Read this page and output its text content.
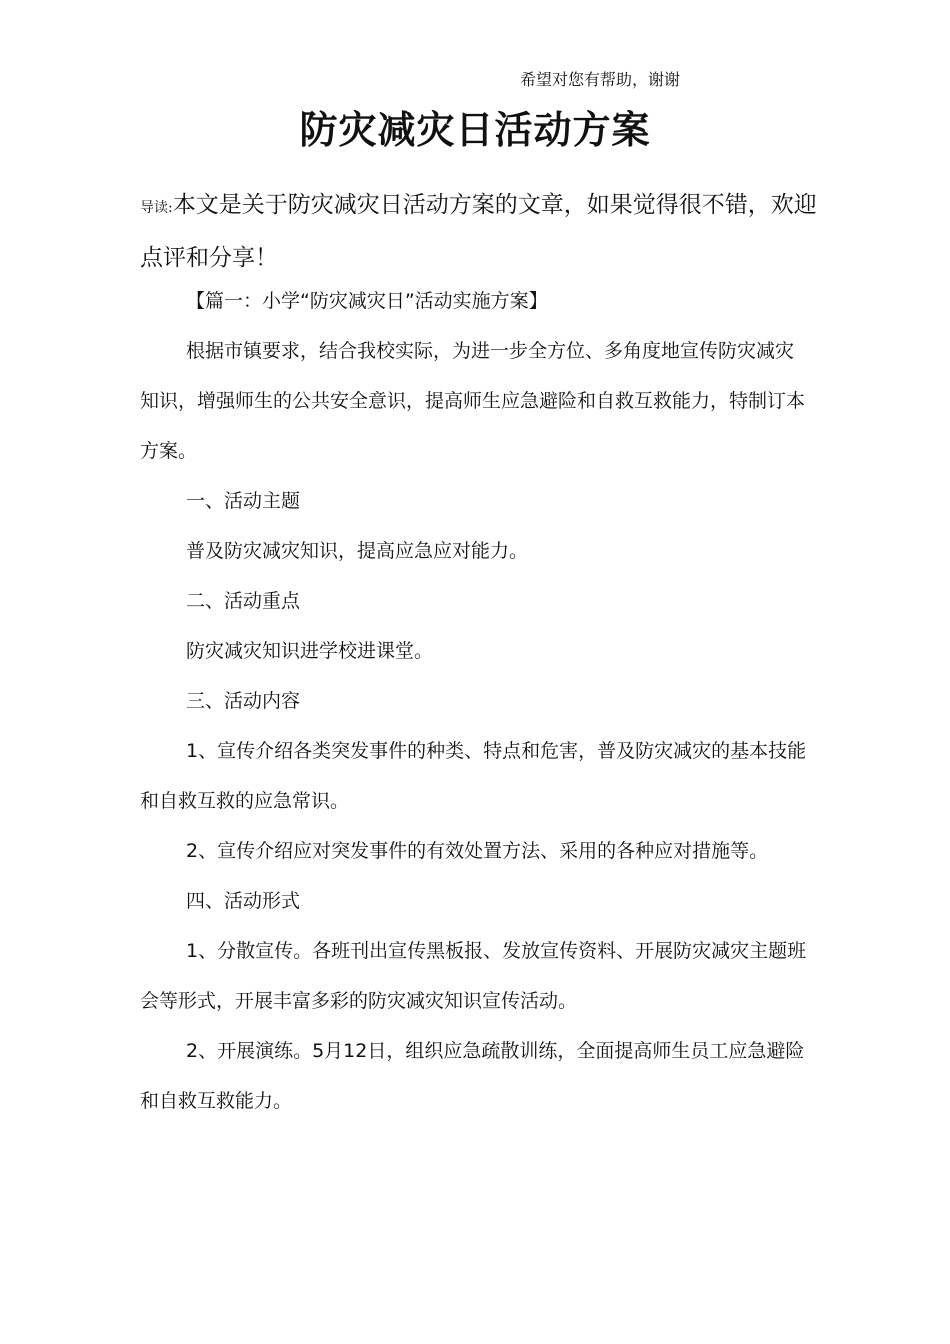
希望对您有帮助，谢谢
防灾减灾日活动方案
导读:本文是关于防灾减灾日活动方案的文章，如果觉得很不错，欢迎点评和分享！
【篇一：小学“防灾减灾日”活动实施方案】
根据市镇要求，结合我校实际，为进一步全方位、多角度地宣传防灾减灾知识，增强师生的公共安全意识，提高师生应急避险和自救互救能力，特制订本方案。
一、活动主题
普及防灾减灾知识，提高应急应对能力。
二、活动重点
防灾减灾知识进学校进课堂。
三、活动内容
1、宣传介绍各类突发事件的种类、特点和危害，普及防灾减灾的基本技能和自救互救的应急常识。
2、宣传介绍应对突发事件的有效处置方法、采用的各种应对措施等。
四、活动形式
1、分散宣传。各班刊出宣传黑板报、发放宣传资料、开展防灾减灾主题班会等形式，开展丰富多彩的防灾减灾知识宣传活动。
2、开展演练。5月12日，组织应急疏散训练，全面提高师生员工应急避险和自救互救能力。
